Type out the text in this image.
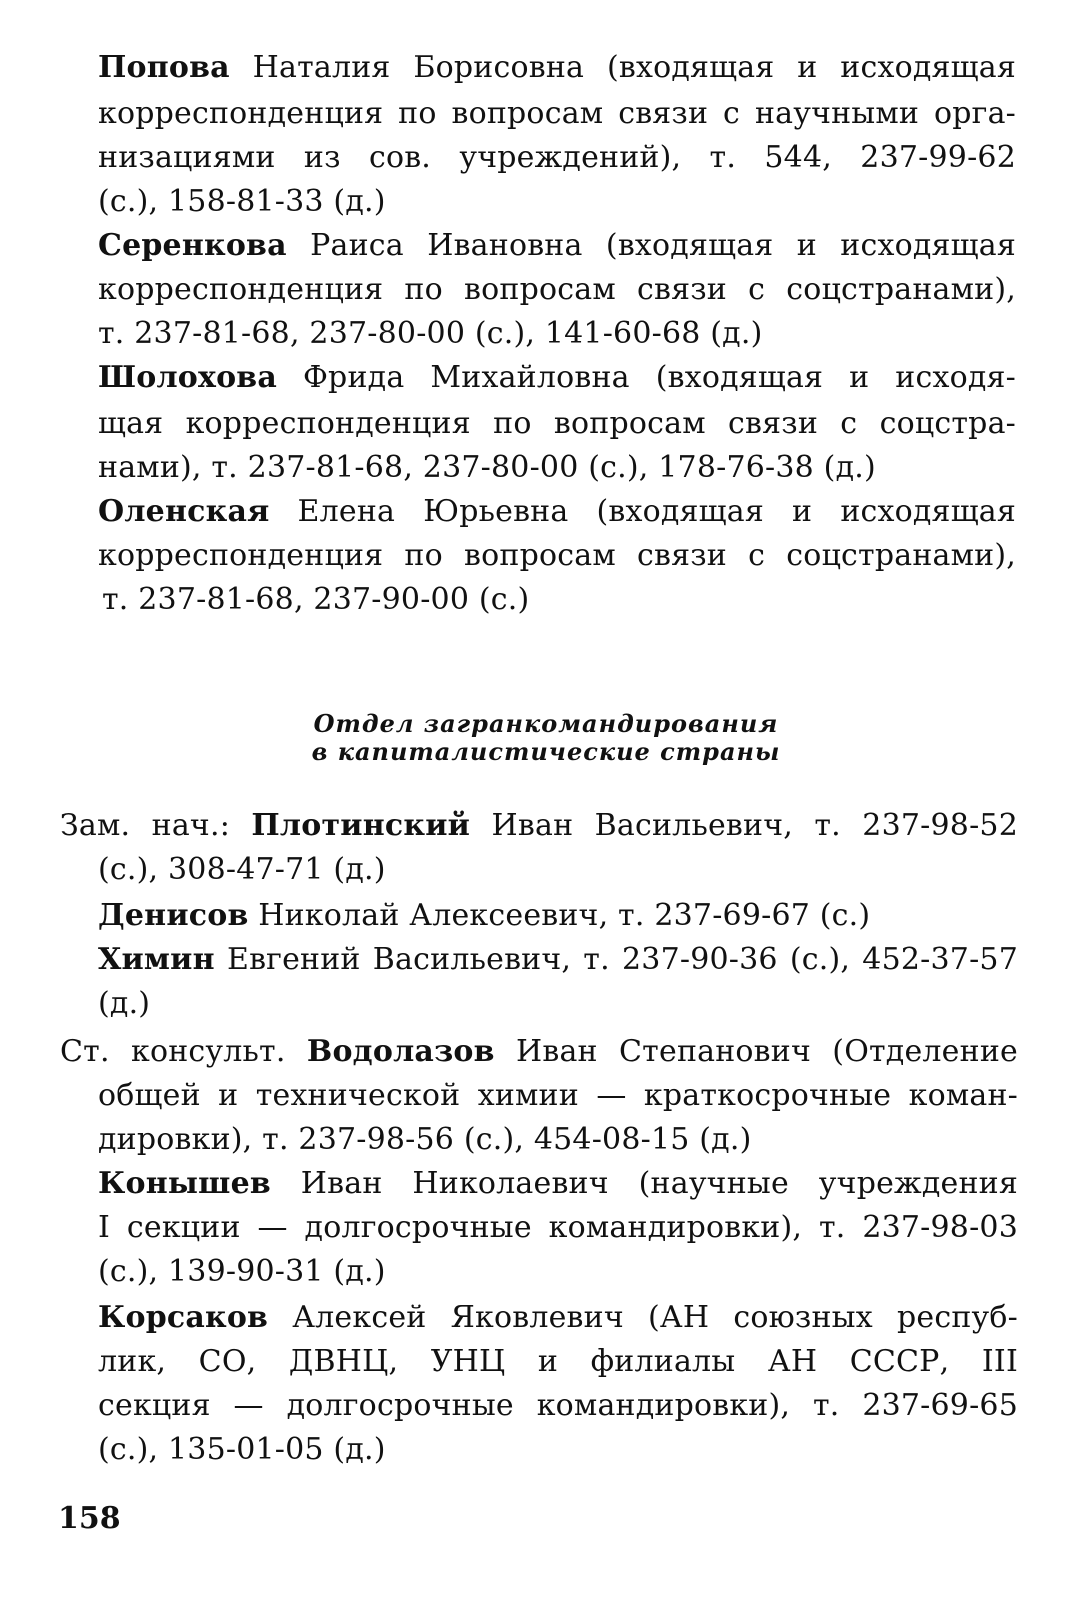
Попова Наталия Борисовна (входящая и исходящая
корреспонденция по вопросам связи с научными орга-
низациями из сов. учреждений), т. 544, 237-99-62
(с.), 158-81-33 (д.)
Серенкова Раиса Ивановна (входящая и исходящая
корреспонденция по вопросам связи с соцстранами),
т. 237-81-68, 237-80-00 (с.), 141-60-68 (д.)
Шолохова Фрида Михайловна (входящая и исходя-
щая корреспонденция по вопросам связи с соцстра-
нами), т. 237-81-68, 237-80-00 (с.), 178-76-38 (д.)
Оленская Елена Юрьевна (входящая и исходящая
корреспонденция по вопросам связи с соцстранами),
т. 237-81-68, 237-90-00 (с.)
Отдел загранкомандирования
в капиталистические страны
Зам. нач.: Плотинский Иван Васильевич, т. 237-98-52
(с.), 308-47-71 (д.)
Денисов Николай Алексеевич, т. 237-69-67 (с.)
Химин Евгений Васильевич, т. 237-90-36 (с.), 452-37-57
(д.)
Ст. консульт. Водолазов Иван Степанович (Отделение
общей и технической химии — краткосрочные коман-
дировки), т. 237-98-56 (с.), 454-08-15 (д.)
Конышев Иван Николаевич (научные учреждения
I секции — долгосрочные командировки), т. 237-98-03
(с.), 139-90-31 (д.)
Корсаков Алексей Яковлевич (АН союзных респуб-
лик, СО, ДВНЦ, УНЦ и филиалы АН СССР, III
секция — долгосрочные командировки), т. 237-69-65
(с.), 135-01-05 (д.)
158
